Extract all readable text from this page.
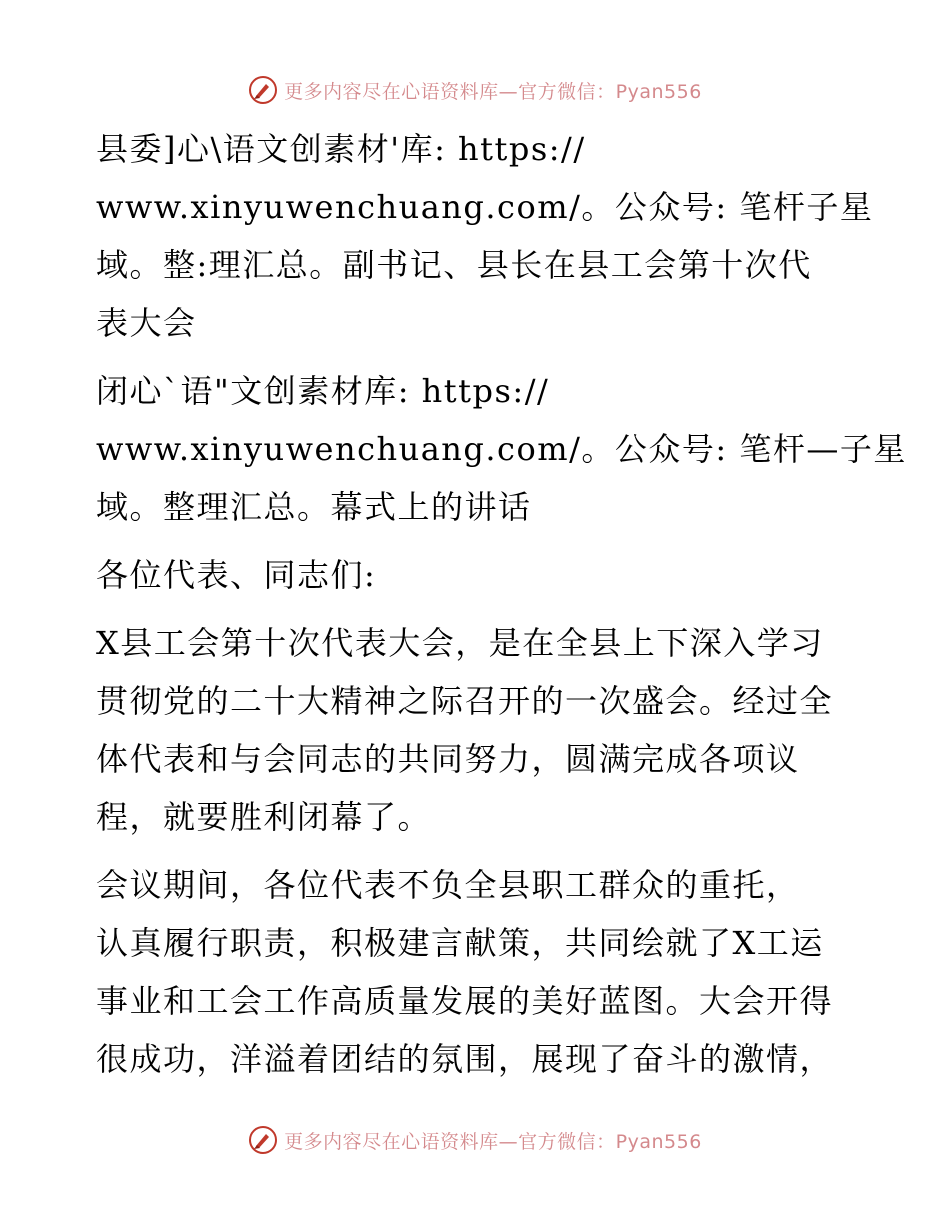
更多内容尽在心语资料库—官方微信：Pyan556
县委]心\语文创素材'库: https://
www.xinyuwenchuang.com/。公众号: 笔杆子星
域。整:理汇总。副书记、县长在县工会第十次代
表大会
闭心`语"文创素材库: https://
www.xinyuwenchuang.com/。公众号: 笔杆—子星
域。整理汇总。幕式上的讲话
各位代表、同志们:
X县工会第十次代表大会，是在全县上下深入学习
贯彻党的二十大精神之际召开的一次盛会。经过全
体代表和与会同志的共同努力，圆满完成各项议
程，就要胜利闭幕了。
会议期间，各位代表不负全县职工群众的重托，
认真履行职责，积极建言献策，共同绘就了X工运
事业和工会工作高质量发展的美好蓝图。大会开得
很成功，洋溢着团结的氛围，展现了奋斗的激情，
更多内容尽在心语资料库—官方微信：Pyan556
